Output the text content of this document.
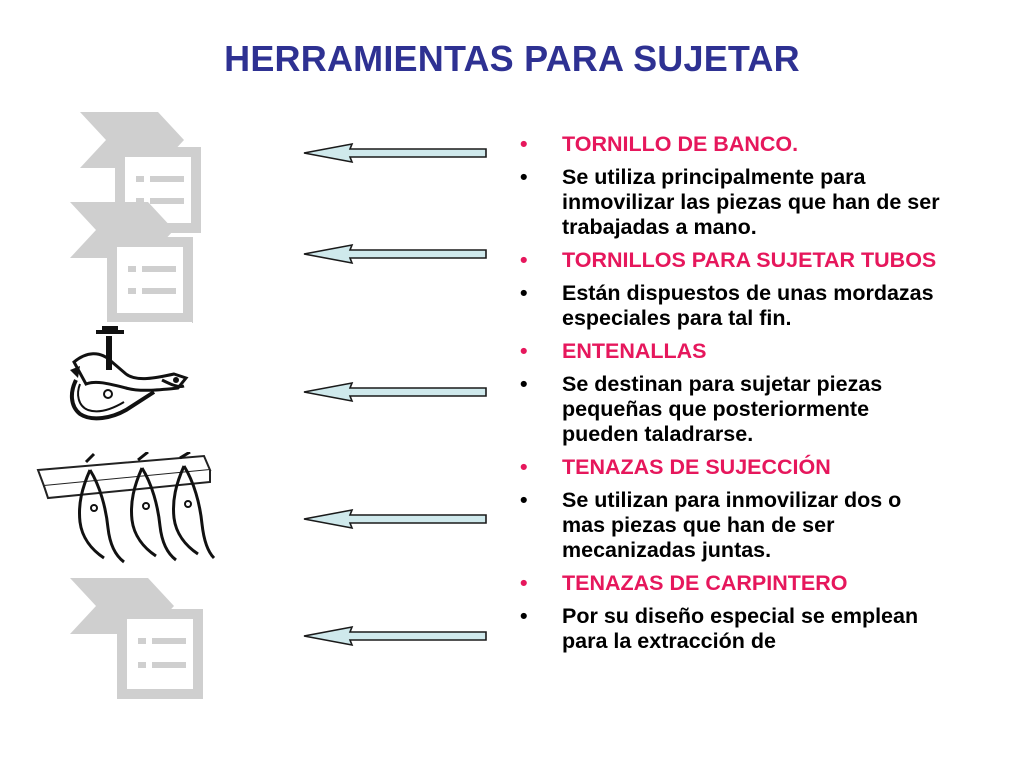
HERRAMIENTAS PARA SUJETAR
•	TORNILLO DE BANCO.
•	Se utiliza principalmente para inmovilizar las piezas que han de ser trabajadas a mano.
•	TORNILLOS PARA SUJETAR TUBOS
•	Están dispuestos de unas mordazas especiales para tal fin.
•	ENTENALLAS
•	Se destinan para sujetar piezas pequeñas que posteriormente pueden taladrarse.
•	TENAZAS DE SUJECCIÓN
•	Se utilizan para inmovilizar dos o mas piezas que han de ser mecanizadas juntas.
•	TENAZAS DE CARPINTERO
•	Por su diseño especial se emplean para la extracción de
